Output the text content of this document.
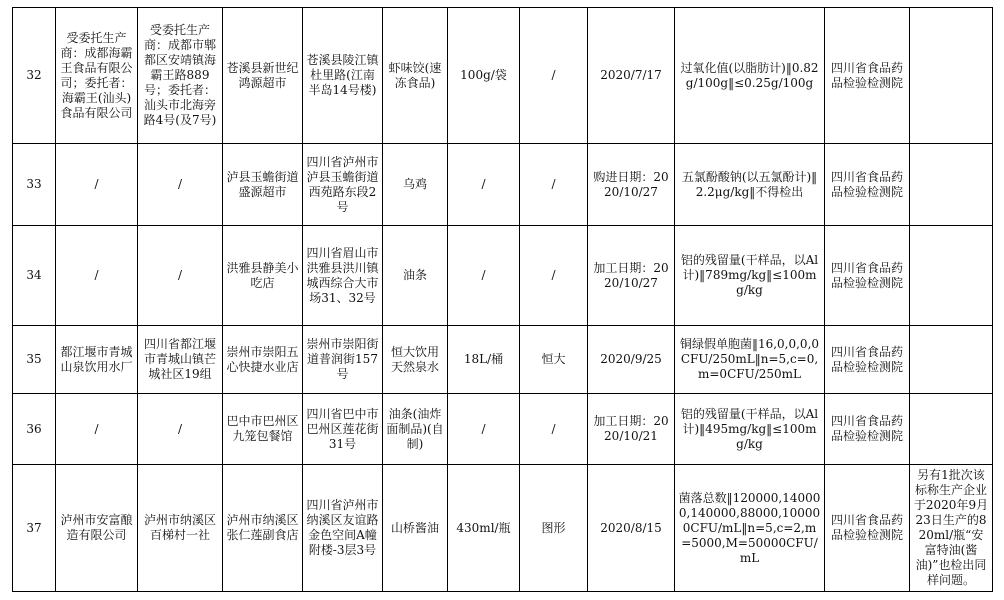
32	受委托生产商：成都海霸王食品有限公司；委托者：海霸王(汕头)食品有限公司	受委托生产商：成都市郫都区安靖镇海霸王路889号；委托者：汕头市北海旁路4号(及7号)	苍溪县新世纪鸿源超市	苍溪县陵江镇杜里路(江南半岛14号楼)	虾味饺(速冻食品)	100g/袋	/	2020/7/17	过氧化值(以脂肪计)‖0.82g/100g‖≤0.25g/100g	四川省食品药品检验检测院	
33	/	/	泸县玉蟾街道盛源超市	四川省泸州市泸县玉蟾街道西苑路东段2号	乌鸡	/	/	购进日期：2020/10/27	五氯酚酸钠(以五氯酚计)‖2.2μg/kg‖不得检出	四川省食品药品检验检测院	
34	/	/	洪雅县静美小吃店	四川省眉山市洪雅县洪川镇城西综合大市场31、32号	油条	/	/	加工日期：2020/10/27	铝的残留量(干样品，以Al计)‖789mg/kg‖≤100mg/kg	四川省食品药品检验检测院	
35	都江堰市青城山泉饮用水厂	四川省都江堰市青城山镇芒城社区19组	崇州市崇阳五心快捷水业店	崇州市崇阳街道普润街157号	恒大饮用天然泉水	18L/桶	恒大	2020/9/25	铜绿假单胞菌‖16,0,0,0,0CFU/250mL‖n=5,c=0,m=0CFU/250mL	四川省食品药品检验检测院	
36	/	/	巴中市巴州区九笼包餐馆	四川省巴中市巴州区莲花街31号	油条(油炸面制品)(自制)	/	/	加工日期：2020/10/21	铝的残留量(干样品，以Al计)‖495mg/kg‖≤100mg/kg	四川省食品药品检验检测院	
37	泸州市安富酿造有限公司	泸州市纳溪区百梯村一社	泸州市纳溪区张仁莲副食店	四川省泸州市纳溪区友谊路金色空间A幢附楼-3层3号	山桥酱油	430ml/瓶	图形	2020/8/15	菌落总数‖120000,140000,140000,88000,100000CFU/mL‖n=5,c=2,m=5000,M=50000CFU/mL	四川省食品药品检验检测院	另有1批次该标称生产企业于2020年9月23日生产的820ml/瓶“安富特油(酱油)”也检出同样问题。
